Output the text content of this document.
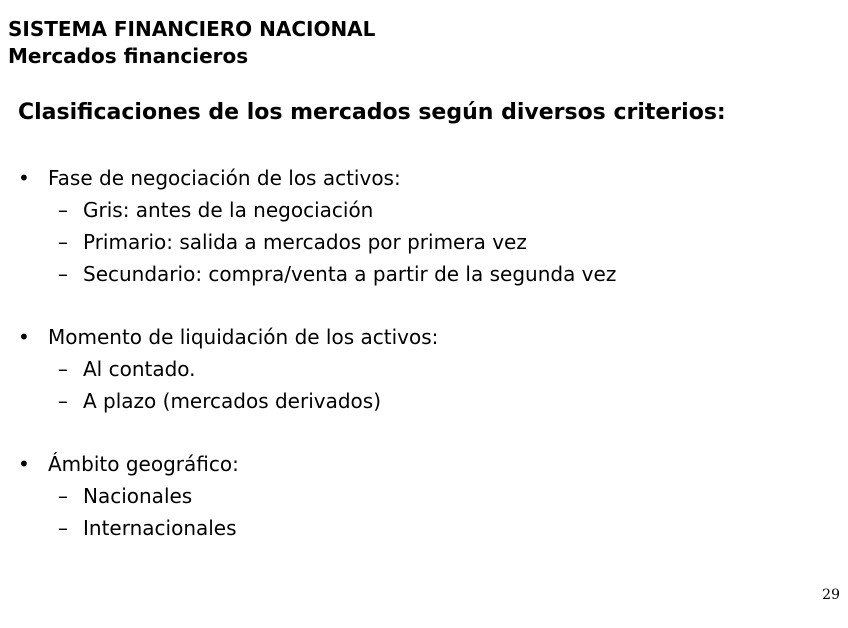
SISTEMA FINANCIERO NACIONAL
Mercados financieros
Clasificaciones de los mercados según diversos criterios:
• Fase de negociación de los activos:
– Gris: antes de la negociación
– Primario: salida a mercados por primera vez
– Secundario: compra/venta a partir de la segunda vez
• Momento de liquidación de los activos:
– Al contado.
– A plazo (mercados derivados)
• Ámbito geográfico:
– Nacionales
– Internacionales
29
